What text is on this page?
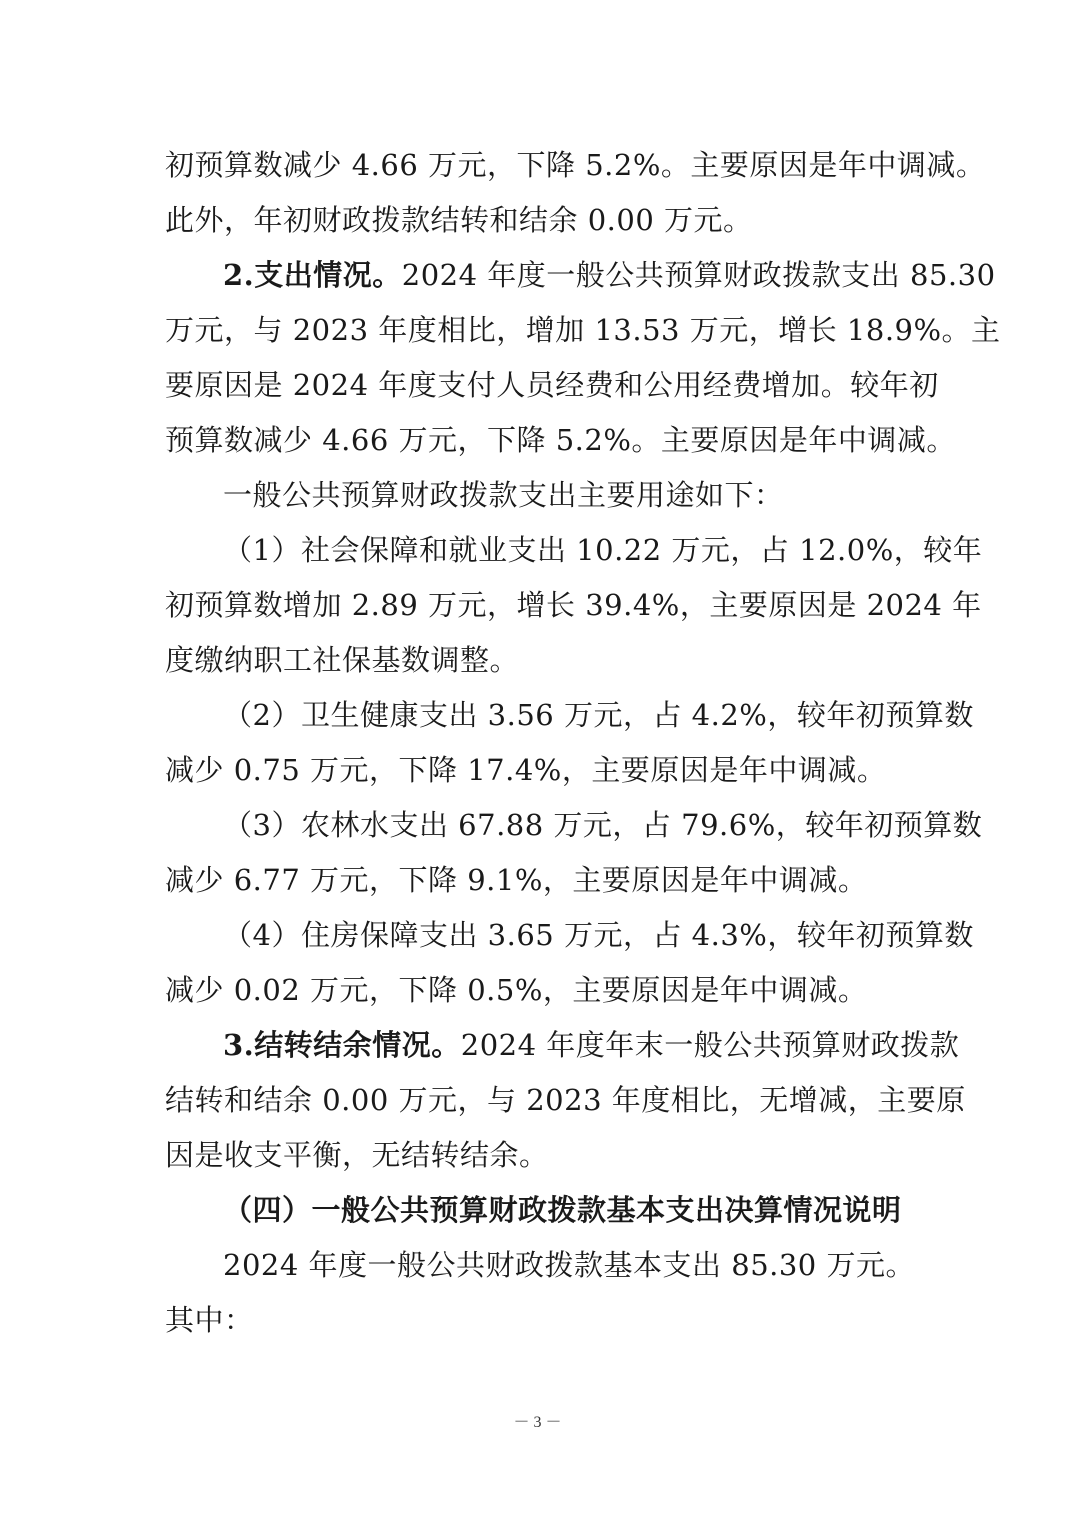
初预算数减少 4.66 万元，下降 5.2%。主要原因是年中调减。
此外，年初财政拨款结转和结余 0.00 万元。
2.支出情况。2024 年度一般公共预算财政拨款支出 85.30
万元，与 2023 年度相比，增加 13.53 万元，增长 18.9%。主
要原因是 2024 年度支付人员经费和公用经费增加。较年初
预算数减少 4.66 万元，下降 5.2%。主要原因是年中调减。
一般公共预算财政拨款支出主要用途如下：
（1）社会保障和就业支出 10.22 万元，占 12.0%，较年
初预算数增加 2.89 万元，增长 39.4%，主要原因是 2024 年
度缴纳职工社保基数调整。
（2）卫生健康支出 3.56 万元，占 4.2%，较年初预算数
减少 0.75 万元，下降 17.4%，主要原因是年中调减。
（3）农林水支出 67.88 万元，占 79.6%，较年初预算数
减少 6.77 万元，下降 9.1%，主要原因是年中调减。
（4）住房保障支出 3.65 万元，占 4.3%，较年初预算数
减少 0.02 万元，下降 0.5%，主要原因是年中调减。
3.结转结余情况。2024 年度年末一般公共预算财政拨款
结转和结余 0.00 万元，与 2023 年度相比，无增减，主要原
因是收支平衡，无结转结余。
（四）一般公共预算财政拨款基本支出决算情况说明
2024 年度一般公共财政拨款基本支出 85.30 万元。
其中：
－ 3 －
